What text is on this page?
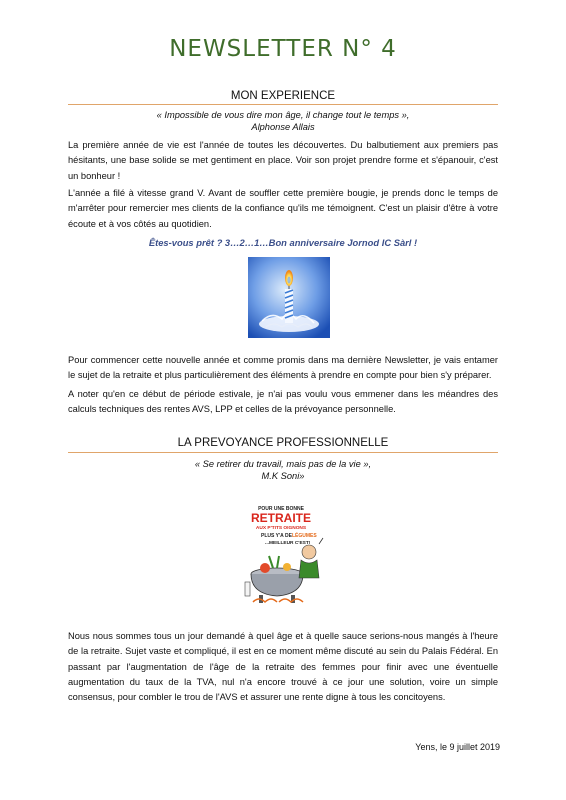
NEWSLETTER N° 4
MON EXPERIENCE
« Impossible de vous dire mon âge, il change tout le temps »,
Alphonse Allais

La première année de vie est l'année de toutes les découvertes. Du balbutiement aux premiers pas hésitants, une base solide se met gentiment en place. Voir son projet prendre forme et s'épanouir, c'est un bonheur !

L'année a filé à vitesse grand V. Avant de souffler cette première bougie, je prends donc le temps de m'arrêter pour remercier mes clients de la confiance qu'ils me témoignent. C'est un plaisir d'être à votre écoute et à vos côtés au quotidien.

Êtes-vous prêt ? 3…2…1…Bon anniversaire Jornod IC Sàrl !

Pour commencer cette nouvelle année et comme promis dans ma dernière Newsletter, je vais entamer le sujet de la retraite et plus particulièrement des éléments à prendre en compte pour bien s'y préparer.

A noter qu'en ce début de période estivale, je n'ai pas voulu vous emmener dans les méandres des calculs techniques des rentes AVS, LPP et celles de la prévoyance personnelle.

LA PREVOYANCE PROFESSIONNELLE
« Se retirer du travail, mais pas de la vie »,
M.K Soni»
POUR UNE BONNE
RETRAITE
AUX P'TITS OIGNONS
PLUS Y'A DE LÉGUMES
...MEILLEUR C'EST!

Nous nous sommes tous un jour demandé à quel âge et à quelle sauce serions-nous mangés à l'heure de la retraite. Sujet vaste et compliqué, il est en ce moment même discuté au sein du Palais Fédéral. En passant par l'augmentation de l'âge de la retraite des femmes pour finir avec une éventuelle augmentation du taux de la TVA, nul n'a encore trouvé à ce jour une solution, voire un simple consensus, pour combler le trou de l'AVS et assurer une rente digne à tous les concitoyens.

Yens, le 9 juillet 2019
